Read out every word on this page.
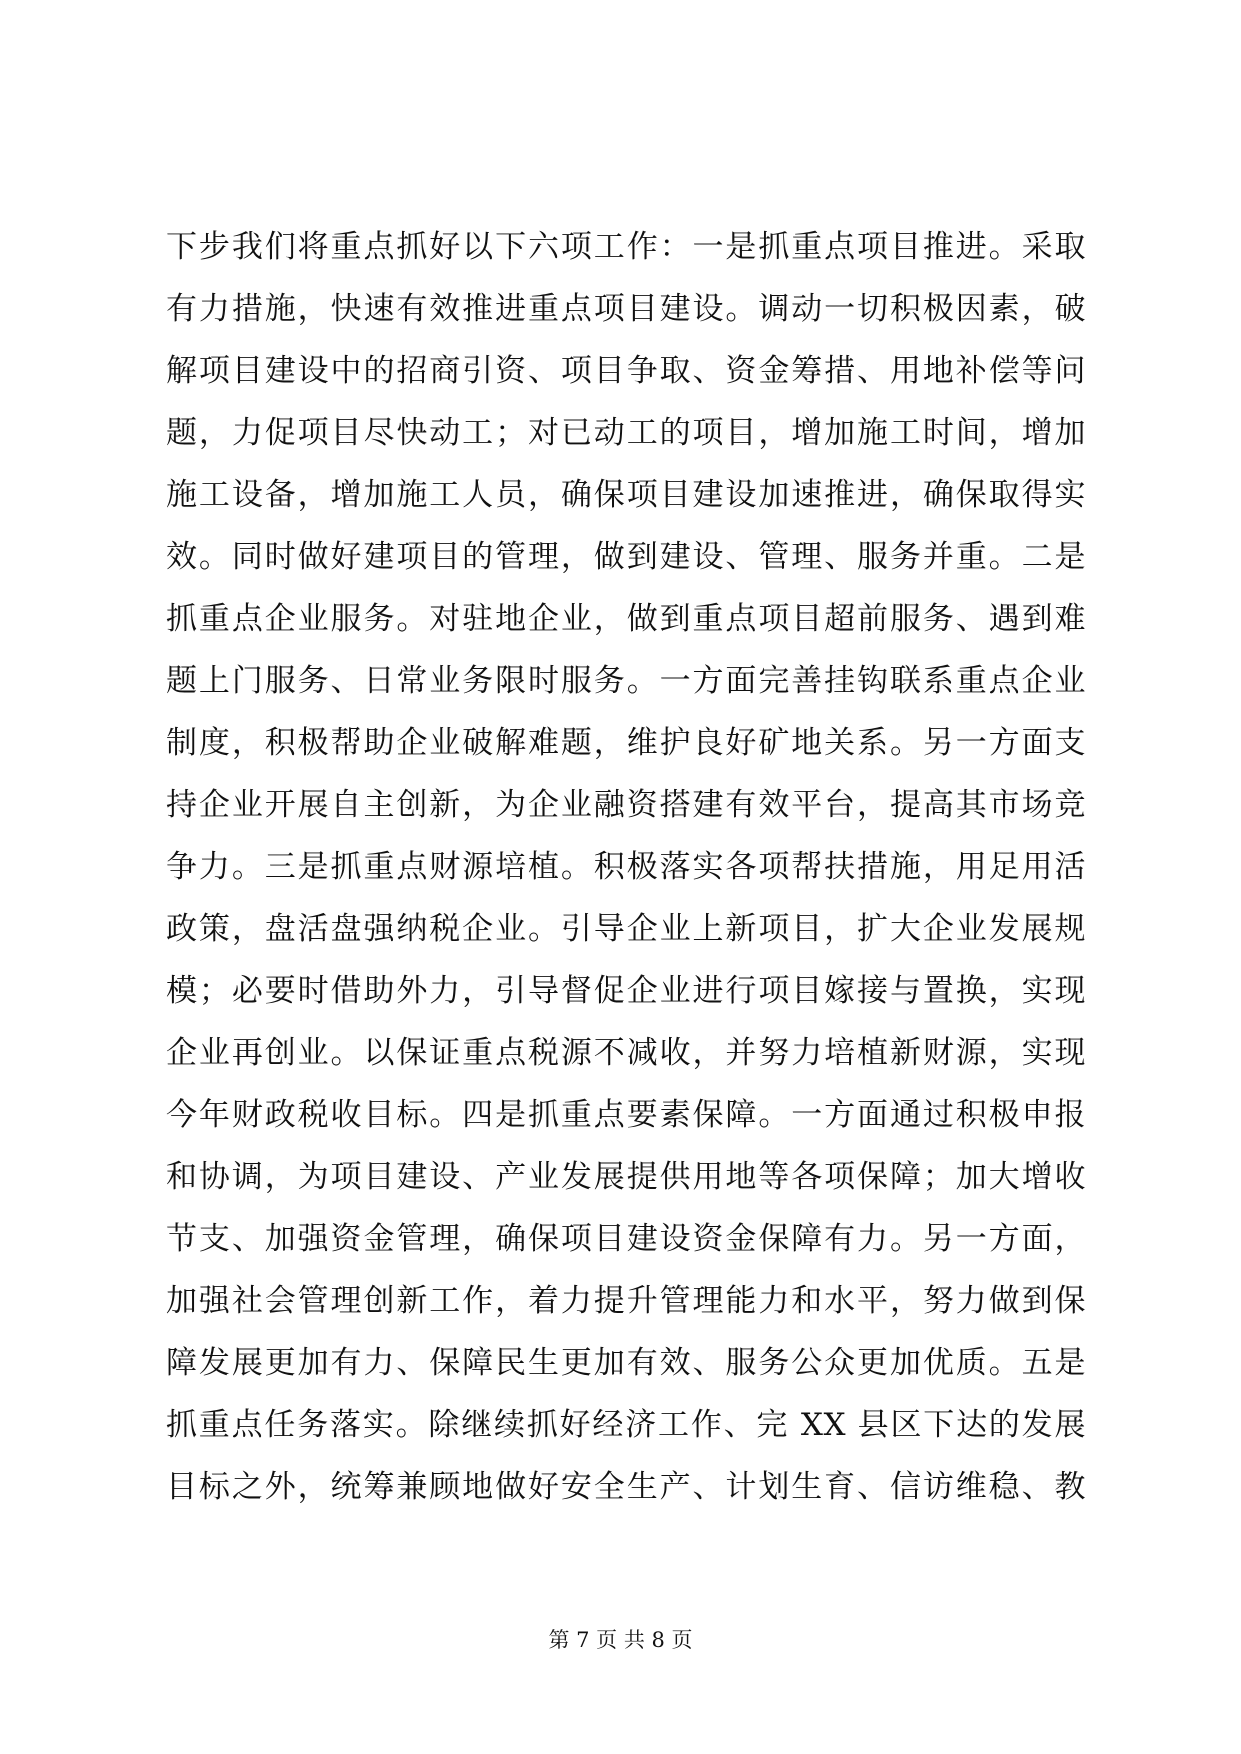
下步我们将重点抓好以下六项工作：一是抓重点项目推进。采取
有力措施，快速有效推进重点项目建设。调动一切积极因素，破
解项目建设中的招商引资、项目争取、资金筹措、用地补偿等问
题，力促项目尽快动工；对已动工的项目，增加施工时间，增加
施工设备，增加施工人员，确保项目建设加速推进，确保取得实
效。同时做好建项目的管理，做到建设、管理、服务并重。二是
抓重点企业服务。对驻地企业，做到重点项目超前服务、遇到难
题上门服务、日常业务限时服务。一方面完善挂钩联系重点企业
制度，积极帮助企业破解难题，维护良好矿地关系。另一方面支
持企业开展自主创新，为企业融资搭建有效平台，提高其市场竞
争力。三是抓重点财源培植。积极落实各项帮扶措施，用足用活
政策，盘活盘强纳税企业。引导企业上新项目，扩大企业发展规
模；必要时借助外力，引导督促企业进行项目嫁接与置换，实现
企业再创业。以保证重点税源不减收，并努力培植新财源，实现
今年财政税收目标。四是抓重点要素保障。一方面通过积极申报
和协调，为项目建设、产业发展提供用地等各项保障；加大增收
节支、加强资金管理，确保项目建设资金保障有力。另一方面，
加强社会管理创新工作，着力提升管理能力和水平，努力做到保
障发展更加有力、保障民生更加有效、服务公众更加优质。五是
抓重点任务落实。除继续抓好经济工作、完 XX 县区下达的发展
目标之外，统筹兼顾地做好安全生产、计划生育、信访维稳、教
第 7 页 共 8 页
